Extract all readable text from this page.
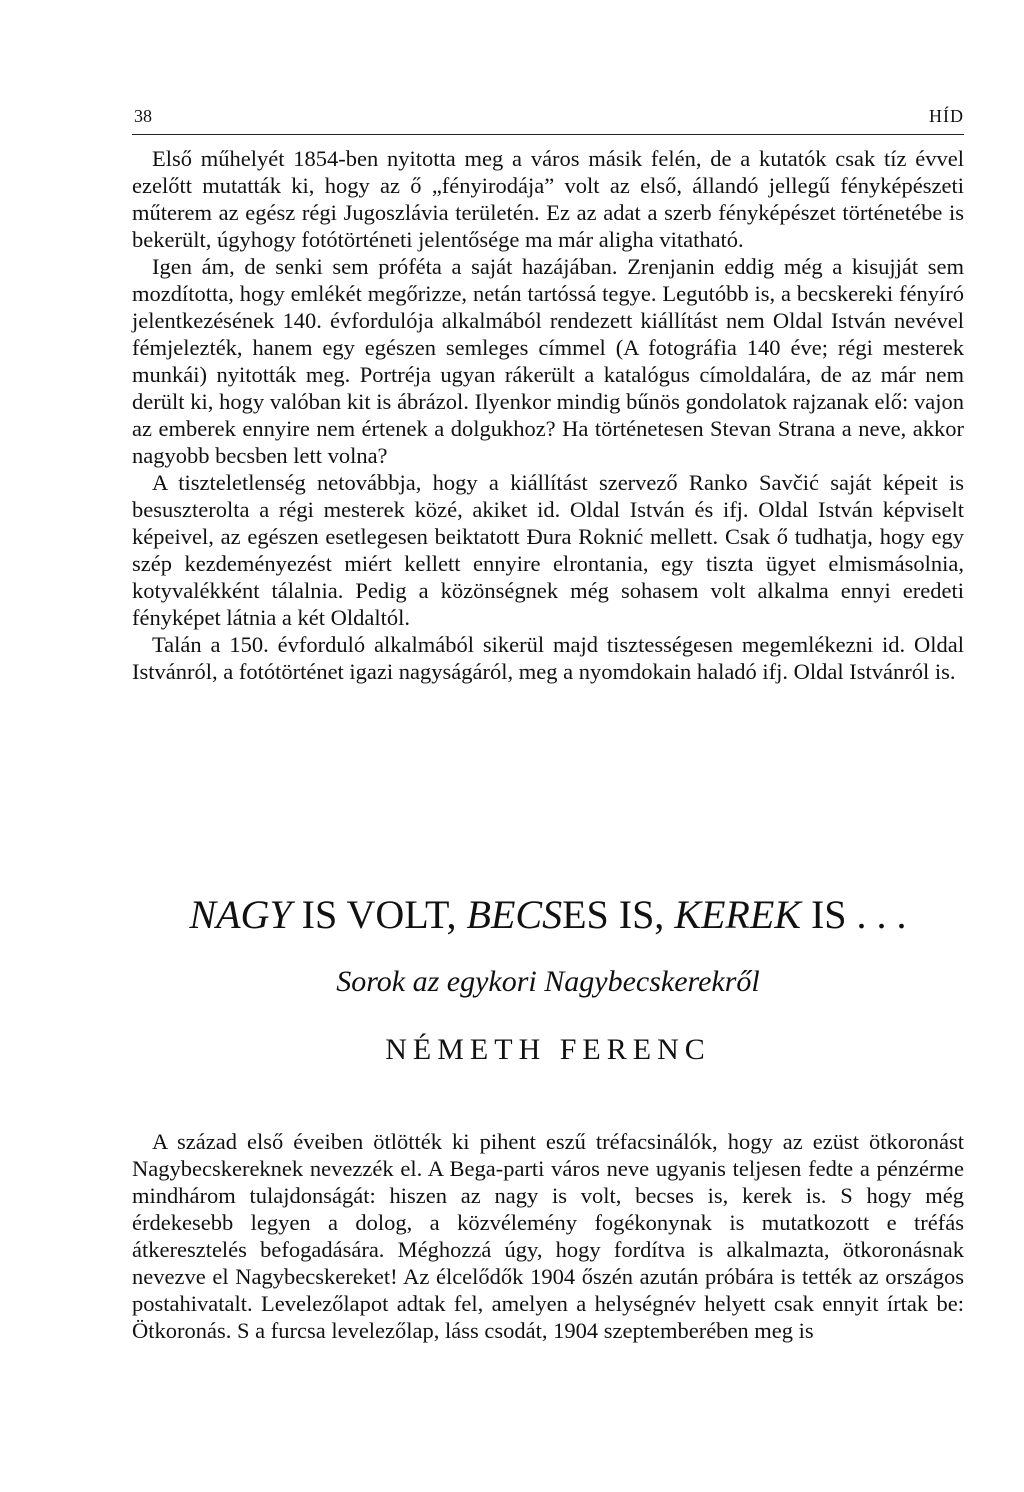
38	HÍD

Első műhelyét 1854-ben nyitotta meg a város másik felén, de a kutatók csak tíz évvel ezelőtt mutatták ki, hogy az ő „fényirodája” volt az első, állandó jellegű fényképészeti műterem az egész régi Jugoszlávia területén. Ez az adat a szerb fényképészet történetébe is bekerült, úgyhogy fotótörténeti jelentősége ma már aligha vitatható.

Igen ám, de senki sem próféta a saját hazájában. Zrenjanin eddig még a kisujját sem mozdította, hogy emlékét megőrizze, netán tartóssá tegye. Legutóbb is, a becskereki fényíró jelentkezésének 140. évfordulója alkalmából rendezett kiállítást nem Oldal István nevével fémjelezték, hanem egy egészen semleges címmel (A fotográfia 140 éve; régi mesterek munkái) nyitották meg. Portréja ugyan rákerült a katalógus címoldalára, de az már nem derült ki, hogy valóban kit is ábrázol. Ilyenkor mindig bűnös gondolatok rajzanak elő: vajon az emberek ennyire nem értenek a dolgukhoz? Ha történetesen Stevan Strana a neve, akkor nagyobb becsben lett volna?

A tiszteletlenség netovábbja, hogy a kiállítást szervező Ranko Savčić saját képeit is besuszterolta a régi mesterek közé, akiket id. Oldal István és ifj. Oldal István képviselt képeivel, az egészen esetlegesen beiktatott Đura Roknić mellett. Csak ő tudhatja, hogy egy szép kezdeményezést miért kellett ennyire elrontania, egy tiszta ügyet elmismásolnia, kotyvalékként tálalnia. Pedig a közönségnek még sohasem volt alkalma ennyi eredeti fényképet látnia a két Oldaltól.

Talán a 150. évforduló alkalmából sikerül majd tisztességesen megemlékezni id. Oldal Istvánról, a fotótörténet igazi nagyságáról, meg a nyomdokain haladó ifj. Oldal Istvánról is.

NAGY IS VOLT, BECSES IS, KEREK IS . . .
Sorok az egykori Nagybecskerekről
NÉMETH FERENC

A század első éveiben ötlötték ki pihent eszű tréfacsinálók, hogy az ezüst ötkoronást Nagybecskereknek nevezzék el. A Bega-parti város neve ugyanis teljesen fedte a pénzérme mindhárom tulajdonságát: hiszen az nagy is volt, becses is, kerek is. S hogy még érdekesebb legyen a dolog, a közvélemény fogékonynak is mutatkozott e tréfás átkeresztelés befogadására. Méghozzá úgy, hogy fordítva is alkalmazta, ötkoronásnak nevezve el Nagybecskereket! Az élcelődők 1904 őszén azután próbára is tették az országos postahivatalt. Levelezőlapot adtak fel, amelyen a helységnév helyett csak ennyit írtak be: Ötkoronás. S a furcsa levelezőlap, láss csodát, 1904 szeptemberében meg is
